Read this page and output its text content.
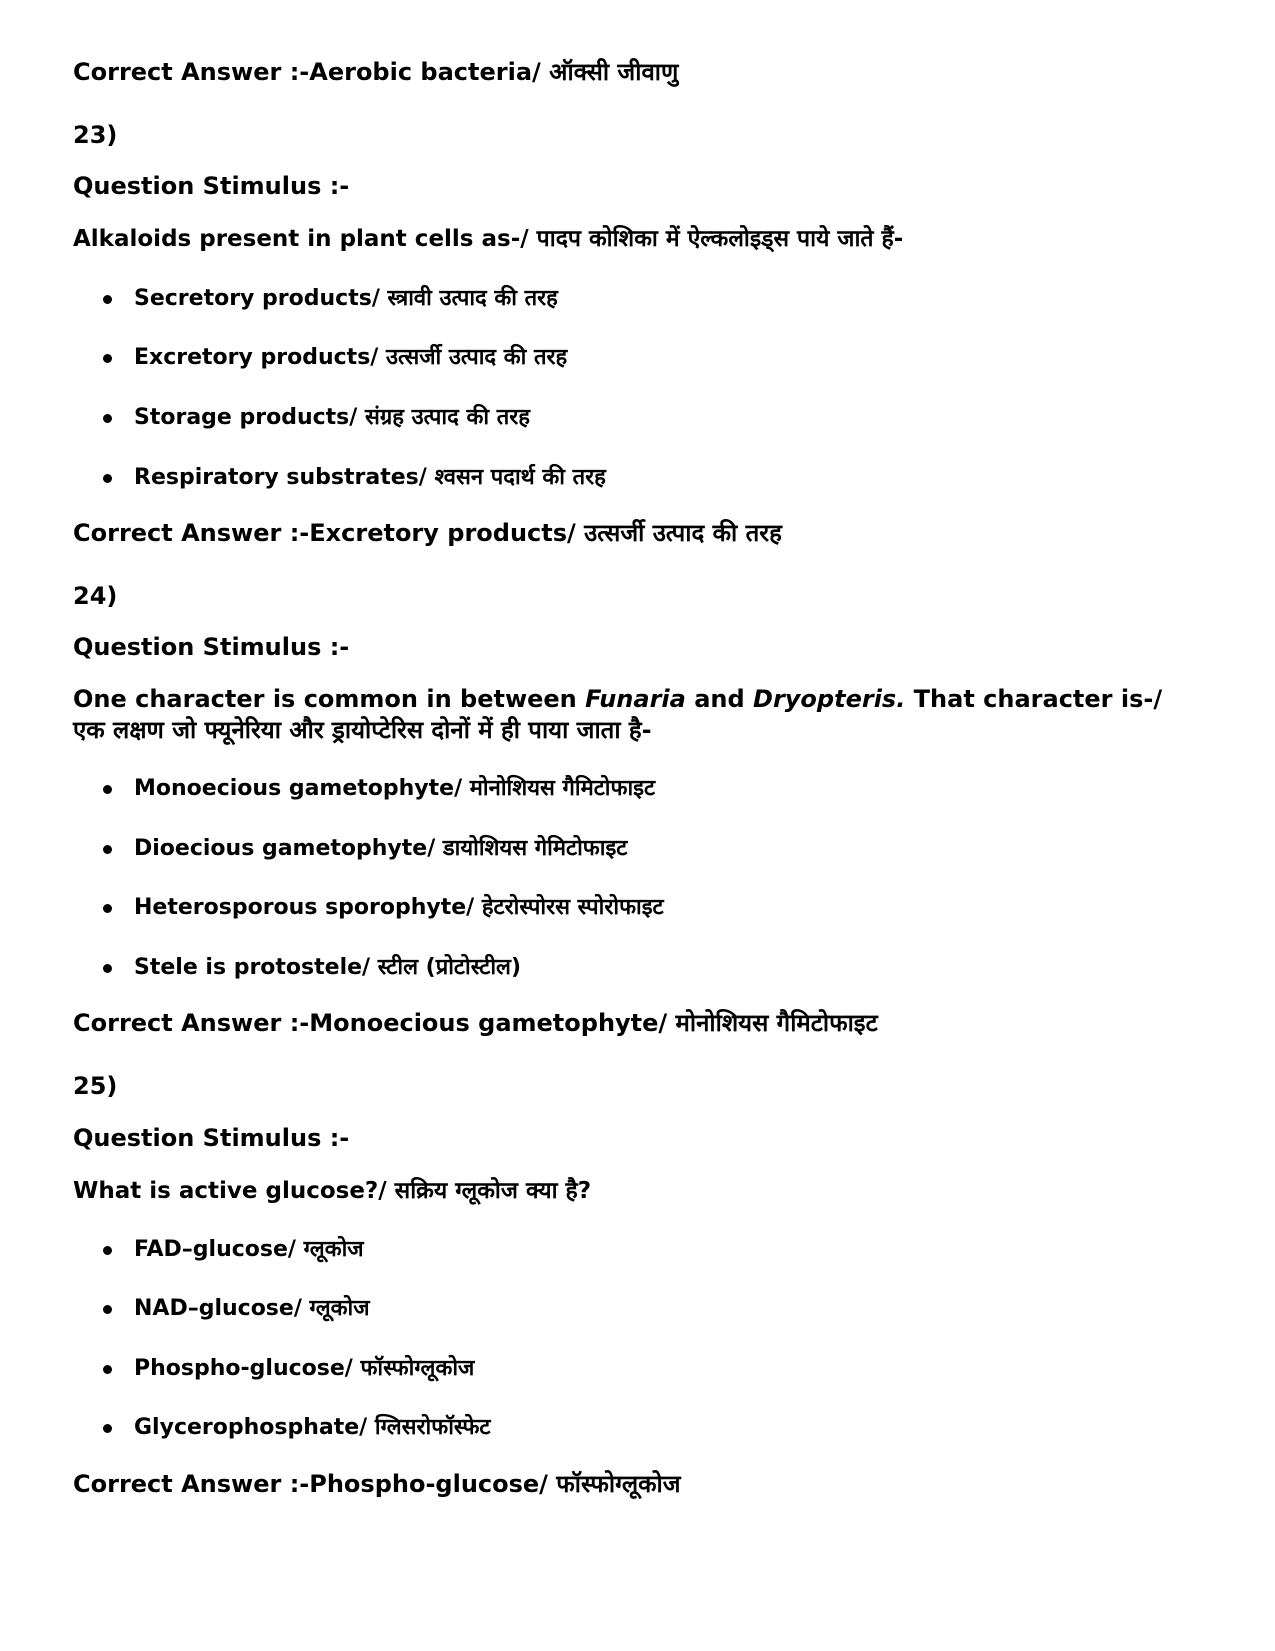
Correct Answer :-Aerobic bacteria/ ऑक्सी जीवाणु
23)
Question Stimulus :-
Alkaloids present in plant cells as-/ पादप कोशिका में ऐल्कलोइड्स पाये जाते हैं-
Secretory products/ स्त्रावी उत्पाद की तरह
Excretory products/ उत्सर्जी उत्पाद की तरह
Storage products/ संग्रह उत्पाद की तरह
Respiratory substrates/ श्वसन पदार्थ की तरह
Correct Answer :-Excretory products/ उत्सर्जी उत्पाद की तरह
24)
Question Stimulus :-
One character is common in between Funaria and Dryopteris. That character is-/एक लक्षण जो फ्यूनेरिया और ड्रायोप्टेरिस दोनों में ही पाया जाता है-
Monoecious gametophyte/ मोनोशियस गैमिटोफाइट
Dioecious gametophyte/ डायोशियस गेमिटोफाइट
Heterosporous sporophyte/ हेटरोस्पोरस स्पोरोफाइट
Stele is protostele/ स्टील (प्रोटोस्टील)
Correct Answer :-Monoecious gametophyte/ मोनोशियस गैमिटोफाइट
25)
Question Stimulus :-
What is active glucose?/ सक्रिय ग्लूकोज क्या है?
FAD–glucose/ ग्लूकोज
NAD–glucose/ ग्लूकोज
Phospho-glucose/ फॉस्फोग्लूकोज
Glycerophosphate/ ग्लिसरोफॉस्फेट
Correct Answer :-Phospho-glucose/ फॉस्फोग्लूकोज
